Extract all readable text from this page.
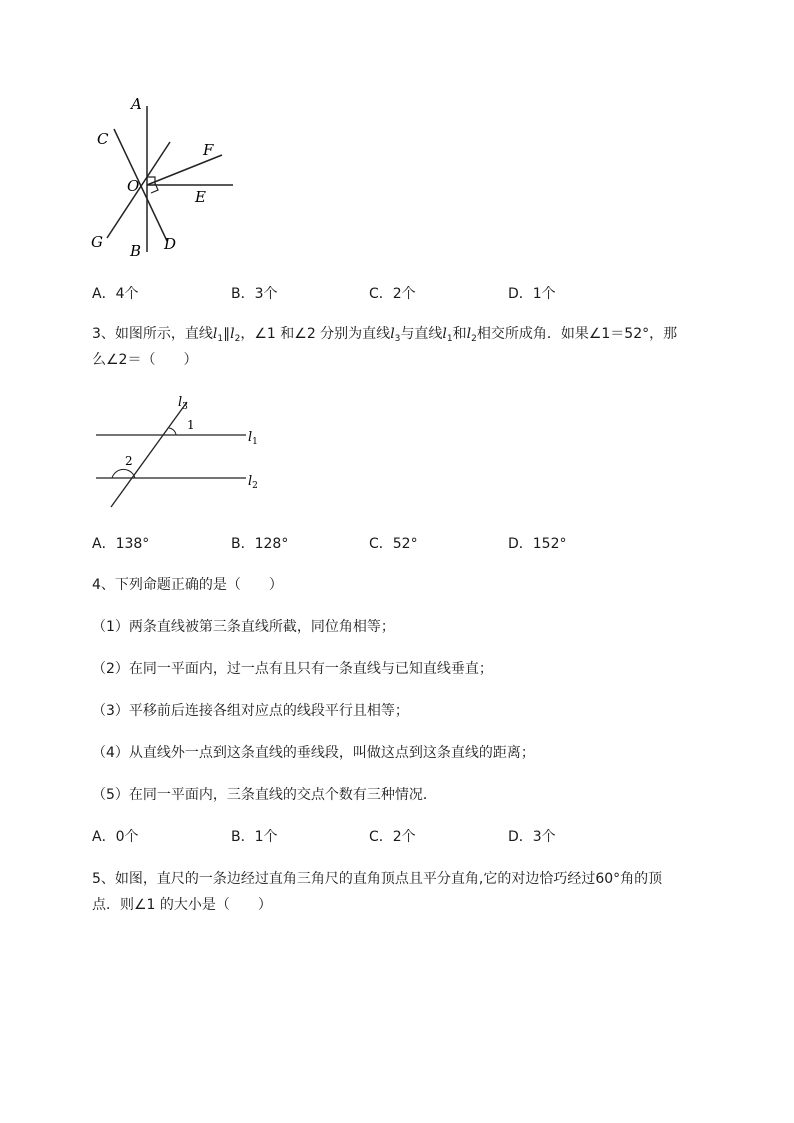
A
B
C
D
E
F
G
O
A．4个	B．3个	C．2个	D．1个
3、如图所示，直线$l_1\parallel l_2$，∠1 和∠2 分别为直线$l_3$与直线$l_1$和$l_2$相交所成角．如果∠1＝52°，那
么∠2＝（　　）
$l_3$
$l_1$
$l_2$
1
2
A．138°	B．128°	C．52°	D．152°
4、下列命题正确的是（　　）
（1）两条直线被第三条直线所截，同位角相等；
（2）在同一平面内，过一点有且只有一条直线与已知直线垂直；
（3）平移前后连接各组对应点的线段平行且相等；
（4）从直线外一点到这条直线的垂线段，叫做这点到这条直线的距离；
（5）在同一平面内，三条直线的交点个数有三种情况．
A．0个	B．1个	C．2个	D．3个
5、如图，直尺的一条边经过直角三角尺的直角顶点且平分直角,它的对边恰巧经过60°角的顶
点．则∠1 的大小是（　　）
